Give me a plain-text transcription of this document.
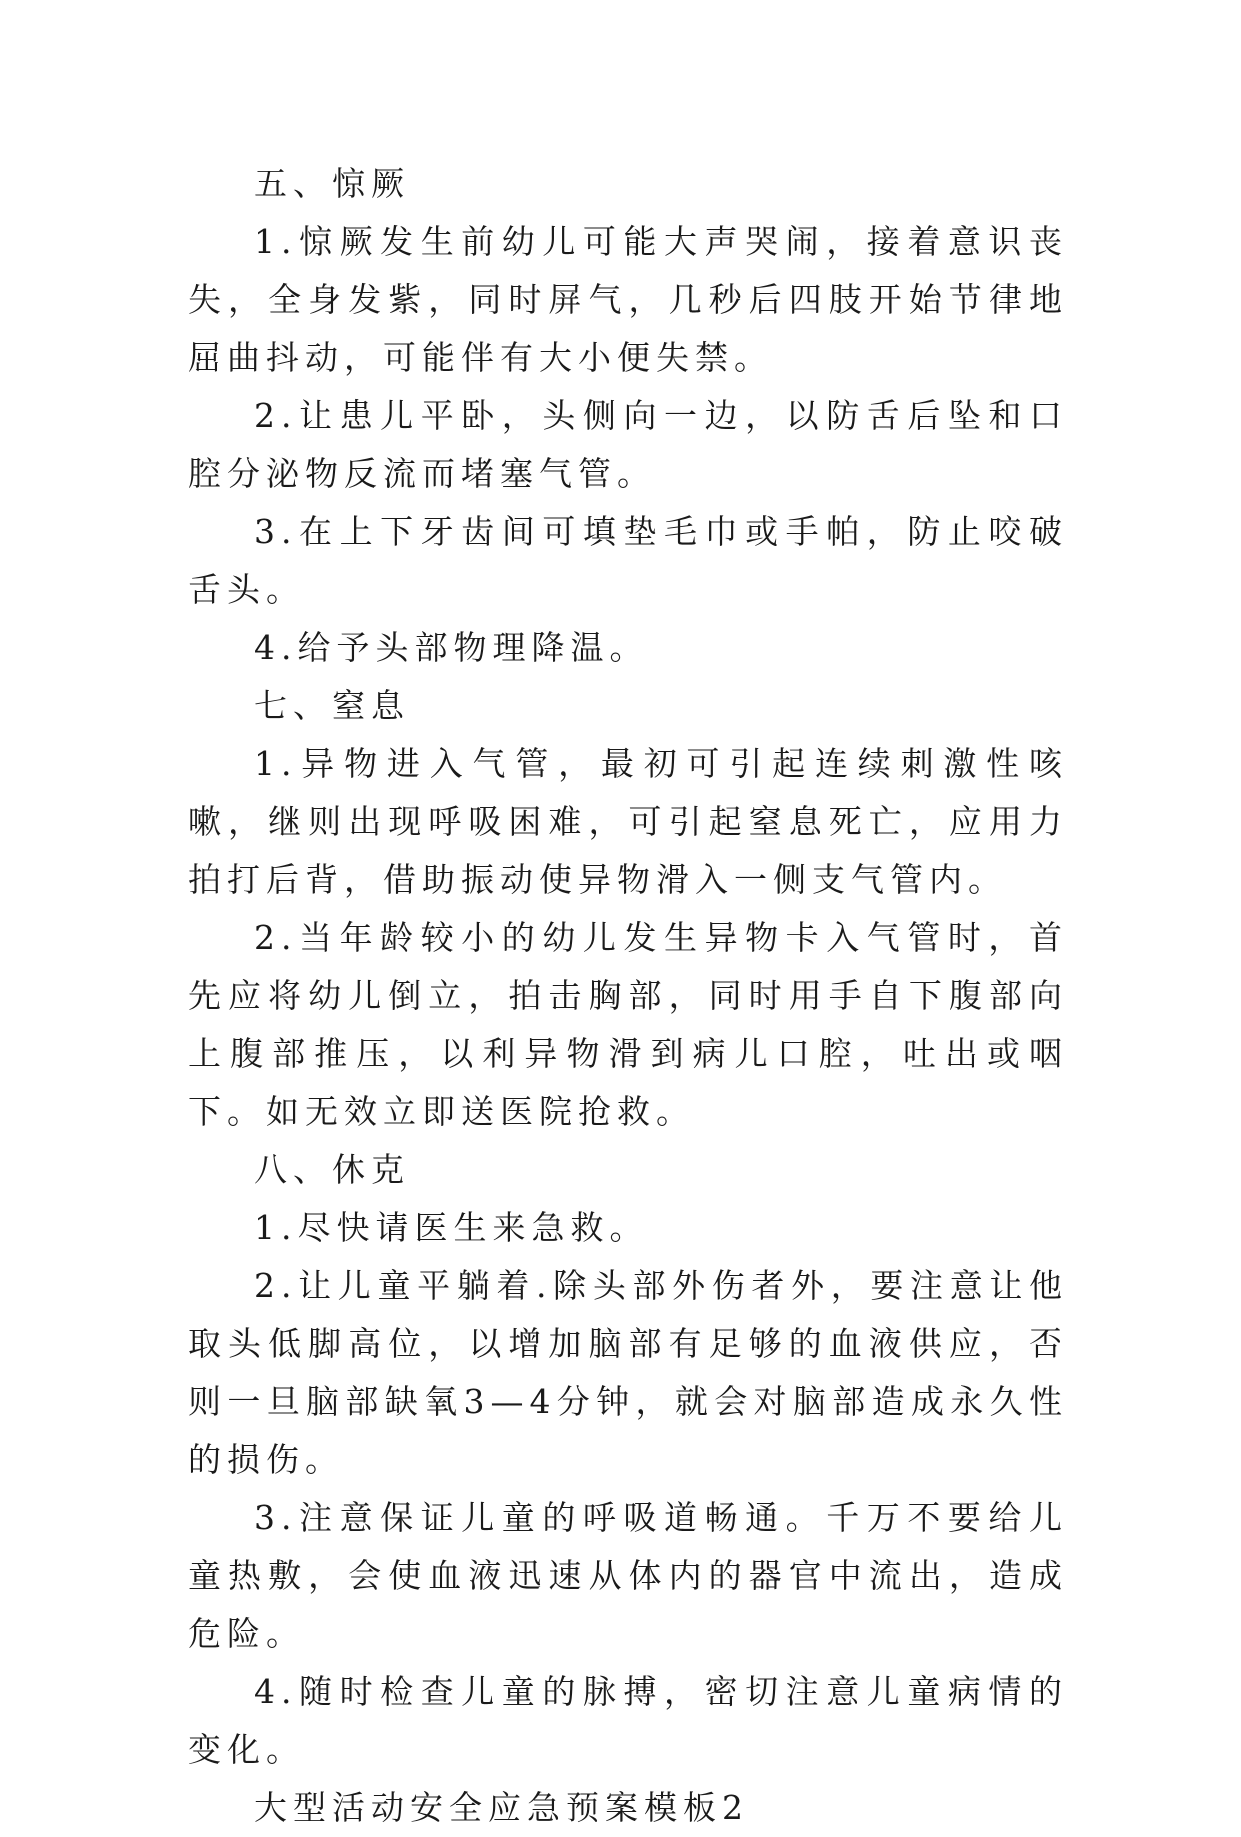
五、惊厥

1.惊厥发生前幼儿可能大声哭闹，接着意识丧失，全身发紫，同时屏气，几秒后四肢开始节律地屈曲抖动，可能伴有大小便失禁。

2.让患儿平卧，头侧向一边，以防舌后坠和口腔分泌物反流而堵塞气管。

3.在上下牙齿间可填垫毛巾或手帕，防止咬破舌头。

4.给予头部物理降温。

七、窒息

1.异物进入气管，最初可引起连续刺激性咳嗽，继则出现呼吸困难，可引起窒息死亡，应用力拍打后背，借助振动使异物滑入一侧支气管内。

2.当年龄较小的幼儿发生异物卡入气管时，首先应将幼儿倒立，拍击胸部，同时用手自下腹部向上腹部推压，以利异物滑到病儿口腔，吐出或咽下。如无效立即送医院抢救。

八、休克

1.尽快请医生来急救。

2.让儿童平躺着.除头部外伤者外，要注意让他取头低脚高位，以增加脑部有足够的血液供应，否则一旦脑部缺氧3—4分钟，就会对脑部造成永久性的损伤。

3.注意保证儿童的呼吸道畅通。千万不要给儿童热敷，会使血液迅速从体内的器官中流出，造成危险。

4.随时检查儿童的脉搏，密切注意儿童病情的变化。

大型活动安全应急预案模板2
